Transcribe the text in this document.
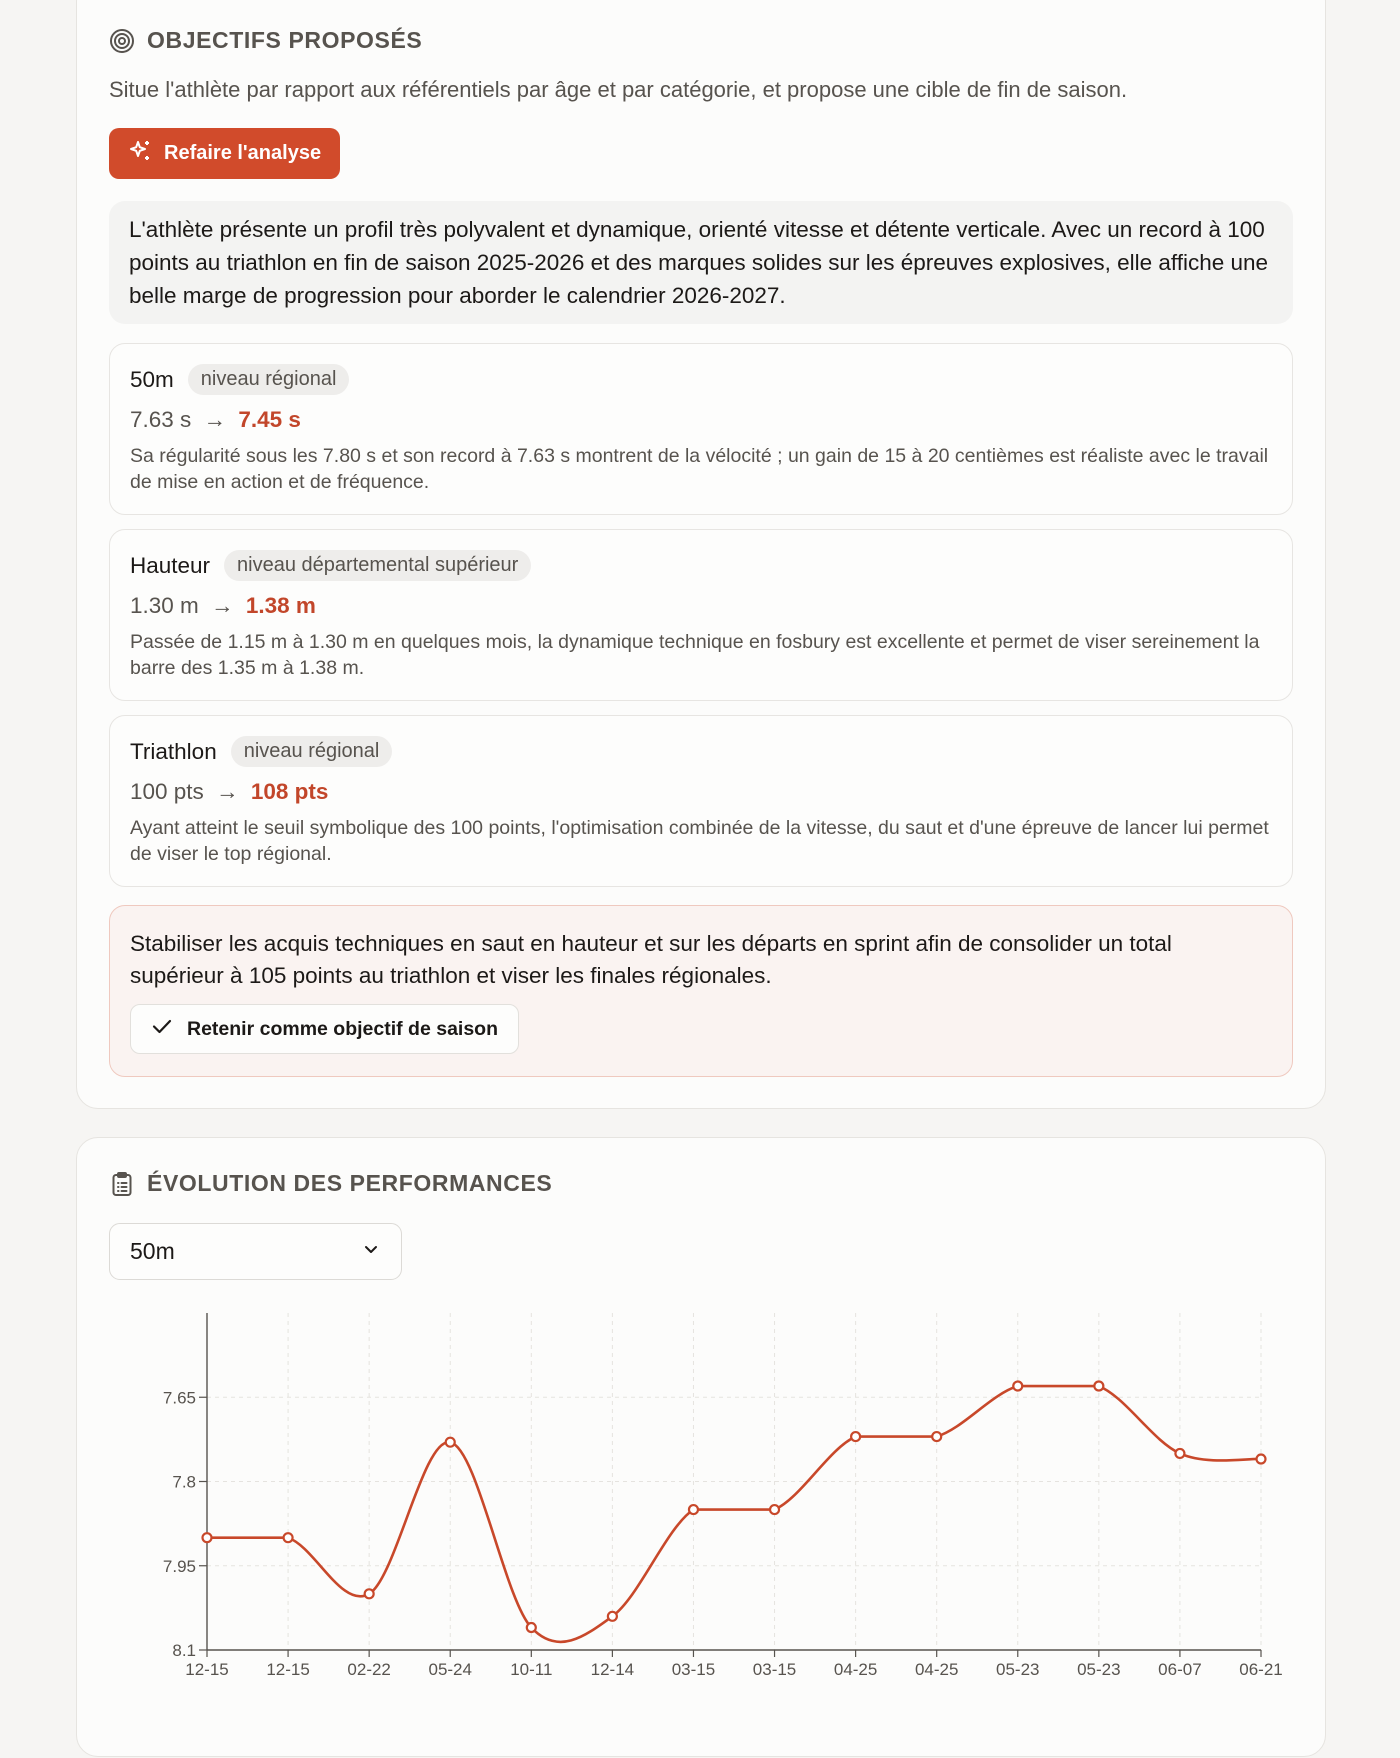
OBJECTIFS PROPOSÉS
Situe l'athlète par rapport aux référentiels par âge et par catégorie, et propose une cible de fin de saison.
Refaire l'analyse
L'athlète présente un profil très polyvalent et dynamique, orienté vitesse et détente verticale. Avec un record à 100 points au triathlon en fin de saison 2025-2026 et des marques solides sur les épreuves explosives, elle affiche une belle marge de progression pour aborder le calendrier 2026-2027.
50m	niveau régional
7.63 s → 7.45 s
Sa régularité sous les 7.80 s et son record à 7.63 s montrent de la vélocité ; un gain de 15 à 20 centièmes est réaliste avec le travail de mise en action et de fréquence.
Hauteur	niveau départemental supérieur
1.30 m → 1.38 m
Passée de 1.15 m à 1.30 m en quelques mois, la dynamique technique en fosbury est excellente et permet de viser sereinement la barre des 1.35 m à 1.38 m.
Triathlon	niveau régional
100 pts → 108 pts
Ayant atteint le seuil symbolique des 100 points, l'optimisation combinée de la vitesse, du saut et d'une épreuve de lancer lui permet de viser le top régional.
Stabiliser les acquis techniques en saut en hauteur et sur les départs en sprint afin de consolider un total supérieur à 105 points au triathlon et viser les finales régionales.
Retenir comme objectif de saison
ÉVOLUTION DES PERFORMANCES
50m
7.65
7.8
7.95
8.1
12-15 12-15 02-22 05-24 10-11 12-14 03-15 03-15 04-25 04-25 05-23 05-23 06-07 06-21
